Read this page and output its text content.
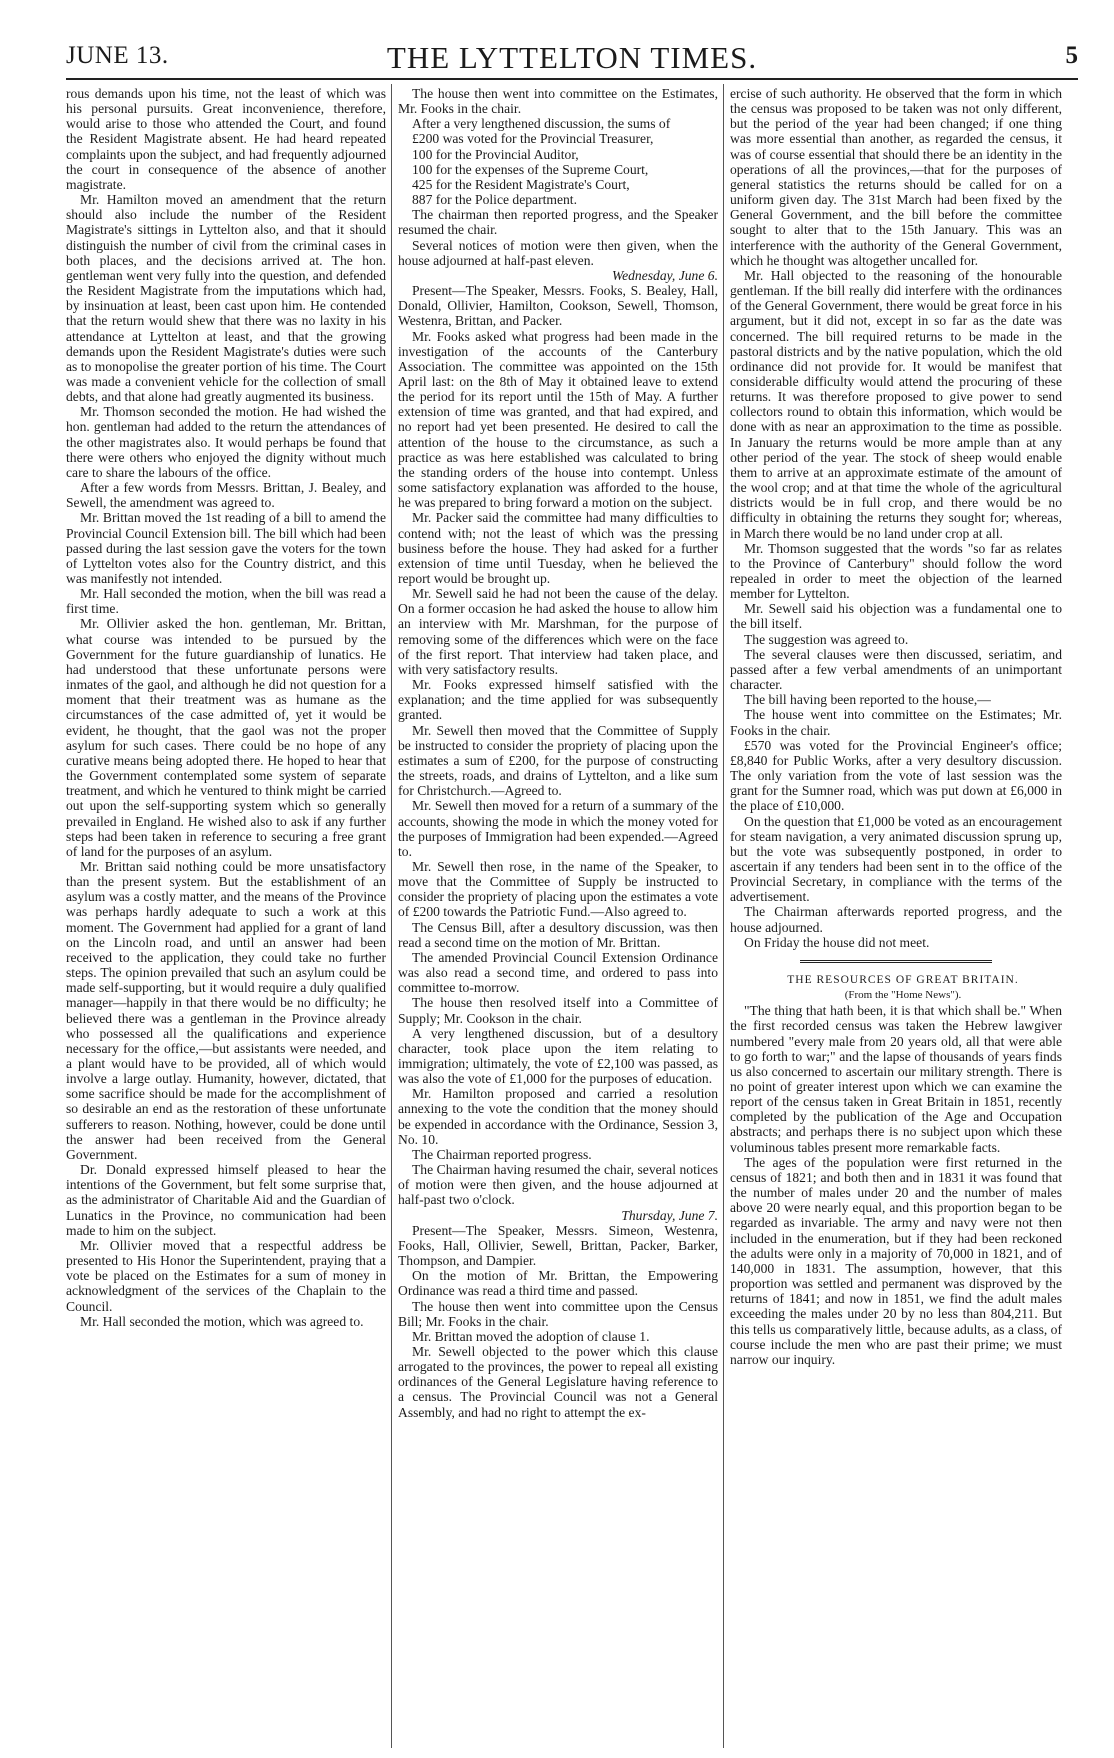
JUNE 13.	THE LYTTELTON TIMES.	5

rous demands upon his time, not the least of which was his personal pursuits. Great inconvenience, therefore, would arise to those who attended the Court, and found the Resident Magistrate absent. He had heard repeated complaints upon the subject, and had frequently adjourned the court in consequence of the absence of another magistrate.

Mr. Hamilton moved an amendment that the return should also include the number of the Resident Magistrate's sittings in Lyttelton also, and that it should distinguish the number of civil from the criminal cases in both places, and the decisions arrived at. The hon. gentleman went very fully into the question, and defended the Resident Magistrate from the imputations which had, by insinuation at least, been cast upon him. He contended that the return would shew that there was no laxity in his attendance at Lyttelton at least, and that the growing demands upon the Resident Magistrate's duties were such as to monopolise the greater portion of his time. The Court was made a convenient vehicle for the collection of small debts, and that alone had greatly augmented its business.

Mr. Thomson seconded the motion. He had wished the hon. gentleman had added to the return the attendances of the other magistrates also. It would perhaps be found that there were others who enjoyed the dignity without much care to share the labours of the office.

After a few words from Messrs. Brittan, J. Bealey, and Sewell, the amendment was agreed to.

Mr. Brittan moved the 1st reading of a bill to amend the Provincial Council Extension bill. The bill which had been passed during the last session gave the voters for the town of Lyttelton votes also for the Country district, and this was manifestly not intended.

Mr. Hall seconded the motion, when the bill was read a first time.

Mr. Ollivier asked the hon. gentleman, Mr. Brittan, what course was intended to be pursued by the Government for the future guardianship of lunatics. He had understood that these unfortunate persons were inmates of the gaol, and although he did not question for a moment that their treatment was as humane as the circumstances of the case admitted of, yet it would be evident, he thought, that the gaol was not the proper asylum for such cases. There could be no hope of any curative means being adopted there. He hoped to hear that the Government contemplated some system of separate treatment, and which he ventured to think might be carried out upon the self-supporting system which so generally prevailed in England. He wished also to ask if any further steps had been taken in reference to securing a free grant of land for the purposes of an asylum.

Mr. Brittan said nothing could be more unsatisfactory than the present system. But the establishment of an asylum was a costly matter, and the means of the Province was perhaps hardly adequate to such a work at this moment. The Government had applied for a grant of land on the Lincoln road, and until an answer had been received to the application, they could take no further steps. The opinion prevailed that such an asylum could be made self-supporting, but it would require a duly qualified manager—happily in that there would be no difficulty; he believed there was a gentleman in the Province already who possessed all the qualifications and experience necessary for the office,—but assistants were needed, and a plant would have to be provided, all of which would involve a large outlay. Humanity, however, dictated, that some sacrifice should be made for the accomplishment of so desirable an end as the restoration of these unfortunate sufferers to reason. Nothing, however, could be done until the answer had been received from the General Government.

Dr. Donald expressed himself pleased to hear the intentions of the Government, but felt some surprise that, as the administrator of Charitable Aid and the Guardian of Lunatics in the Province, no communication had been made to him on the subject.

Mr. Ollivier moved that a respectful address be presented to His Honor the Superintendent, praying that a vote be placed on the Estimates for a sum of money in acknowledgment of the services of the Chaplain to the Council.

Mr. Hall seconded the motion, which was agreed to.

The house then went into committee on the Estimates, Mr. Fooks in the chair.

After a very lengthened discussion, the sums of

£200 was voted for the Provincial Treasurer,

100 for the Provincial Auditor,

100 for the expenses of the Supreme Court,

425 for the Resident Magistrate's Court,

887 for the Police department.

The chairman then reported progress, and the Speaker resumed the chair.

Several notices of motion were then given, when the house adjourned at half-past eleven.

Wednesday, June 6.

Present—The Speaker, Messrs. Fooks, S. Bealey, Hall, Donald, Ollivier, Hamilton, Cookson, Sewell, Thomson, Westenra, Brittan, and Packer.

Mr. Fooks asked what progress had been made in the investigation of the accounts of the Canterbury Association. The committee was appointed on the 15th April last: on the 8th of May it obtained leave to extend the period for its report until the 15th of May. A further extension of time was granted, and that had expired, and no report had yet been presented. He desired to call the attention of the house to the circumstance, as such a practice as was here established was calculated to bring the standing orders of the house into contempt. Unless some satisfactory explanation was afforded to the house, he was prepared to bring forward a motion on the subject.

Mr. Packer said the committee had many difficulties to contend with; not the least of which was the pressing business before the house. They had asked for a further extension of time until Tuesday, when he believed the report would be brought up.

Mr. Sewell said he had not been the cause of the delay. On a former occasion he had asked the house to allow him an interview with Mr. Marshman, for the purpose of removing some of the differences which were on the face of the first report. That interview had taken place, and with very satisfactory results.

Mr. Fooks expressed himself satisfied with the explanation; and the time applied for was subsequently granted.

Mr. Sewell then moved that the Committee of Supply be instructed to consider the propriety of placing upon the estimates a sum of £200, for the purpose of constructing the streets, roads, and drains of Lyttelton, and a like sum for Christchurch.—Agreed to.

Mr. Sewell then moved for a return of a summary of the accounts, showing the mode in which the money voted for the purposes of Immigration had been expended.—Agreed to.

Mr. Sewell then rose, in the name of the Speaker, to move that the Committee of Supply be instructed to consider the propriety of placing upon the estimates a vote of £200 towards the Patriotic Fund.—Also agreed to.

The Census Bill, after a desultory discussion, was then read a second time on the motion of Mr. Brittan.

The amended Provincial Council Extension Ordinance was also read a second time, and ordered to pass into committee to-morrow.

The house then resolved itself into a Committee of Supply; Mr. Cookson in the chair.

A very lengthened discussion, but of a desultory character, took place upon the item relating to immigration; ultimately, the vote of £2,100 was passed, as was also the vote of £1,000 for the purposes of education.

Mr. Hamilton proposed and carried a resolution annexing to the vote the condition that the money should be expended in accordance with the Ordinance, Session 3, No. 10.

The Chairman reported progress.

The Chairman having resumed the chair, several notices of motion were then given, and the house adjourned at half-past two o'clock.

Thursday, June 7.

Present—The Speaker, Messrs. Simeon, Westenra, Fooks, Hall, Ollivier, Sewell, Brittan, Packer, Barker, Thompson, and Dampier.

On the motion of Mr. Brittan, the Empowering Ordinance was read a third time and passed.

The house then went into committee upon the Census Bill; Mr. Fooks in the chair.

Mr. Brittan moved the adoption of clause 1.

Mr. Sewell objected to the power which this clause arrogated to the provinces, the power to repeal all existing ordinances of the General Legislature having reference to a census. The Provincial Council was not a General Assembly, and had no right to attempt the ex-

ercise of such authority. He observed that the form in which the census was proposed to be taken was not only different, but the period of the year had been changed; if one thing was more essential than another, as regarded the census, it was of course essential that should there be an identity in the operations of all the provinces,—that for the purposes of general statistics the returns should be called for on a uniform given day. The 31st March had been fixed by the General Government, and the bill before the committee sought to alter that to the 15th January. This was an interference with the authority of the General Government, which he thought was altogether uncalled for.

Mr. Hall objected to the reasoning of the honourable gentleman. If the bill really did interfere with the ordinances of the General Government, there would be great force in his argument, but it did not, except in so far as the date was concerned. The bill required returns to be made in the pastoral districts and by the native population, which the old ordinance did not provide for. It would be manifest that considerable difficulty would attend the procuring of these returns. It was therefore proposed to give power to send collectors round to obtain this information, which would be done with as near an approximation to the time as possible. In January the returns would be more ample than at any other period of the year. The stock of sheep would enable them to arrive at an approximate estimate of the amount of the wool crop; and at that time the whole of the agricultural districts would be in full crop, and there would be no difficulty in obtaining the returns they sought for; whereas, in March there would be no land under crop at all.

Mr. Thomson suggested that the words "so far as relates to the Province of Canterbury" should follow the word repealed in order to meet the objection of the learned member for Lyttelton.

Mr. Sewell said his objection was a fundamental one to the bill itself.

The suggestion was agreed to.

The several clauses were then discussed, seriatim, and passed after a few verbal amendments of an unimportant character.

The bill having been reported to the house,—

The house went into committee on the Estimates; Mr. Fooks in the chair.

£570 was voted for the Provincial Engineer's office; £8,840 for Public Works, after a very desultory discussion. The only variation from the vote of last session was the grant for the Sumner road, which was put down at £6,000 in the place of £10,000.

On the question that £1,000 be voted as an encouragement for steam navigation, a very animated discussion sprung up, but the vote was subsequently postponed, in order to ascertain if any tenders had been sent in to the office of the Provincial Secretary, in compliance with the terms of the advertisement.

The Chairman afterwards reported progress, and the house adjourned.

On Friday the house did not meet.

THE RESOURCES OF GREAT BRITAIN.

(From the "Home News").

"The thing that hath been, it is that which shall be." When the first recorded census was taken the Hebrew lawgiver numbered "every male from 20 years old, all that were able to go forth to war;" and the lapse of thousands of years finds us also concerned to ascertain our military strength. There is no point of greater interest upon which we can examine the report of the census taken in Great Britain in 1851, recently completed by the publication of the Age and Occupation abstracts; and perhaps there is no subject upon which these voluminous tables present more remarkable facts.

The ages of the population were first returned in the census of 1821; and both then and in 1831 it was found that the number of males under 20 and the number of males above 20 were nearly equal, and this proportion began to be regarded as invariable. The army and navy were not then included in the enumeration, but if they had been reckoned the adults were only in a majority of 70,000 in 1821, and of 140,000 in 1831. The assumption, however, that this proportion was settled and permanent was disproved by the returns of 1841; and now in 1851, we find the adult males exceeding the males under 20 by no less than 804,211. But this tells us comparatively little, because adults, as a class, of course include the men who are past their prime; we must narrow our inquiry.
